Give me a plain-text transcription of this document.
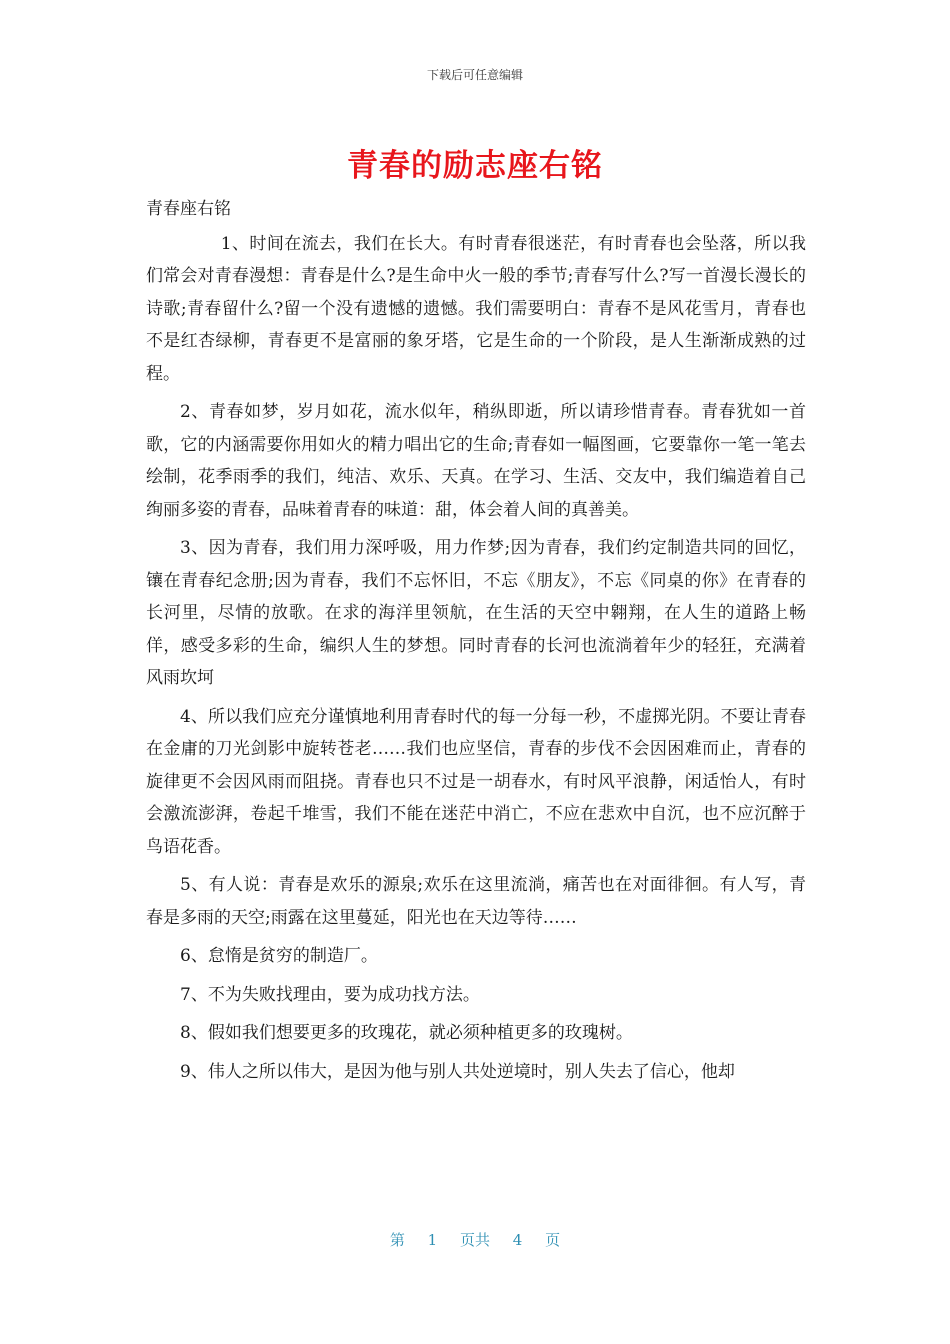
下载后可任意编辑
青春的励志座右铭

青春座右铭

1、时间在流去，我们在长大。有时青春很迷茫，有时青春也会坠落，所以我们常会对青春漫想：青春是什么?是生命中火一般的季节;青春写什么?写一首漫长漫长的诗歌;青春留什么?留一个没有遗憾的遗憾。我们需要明白：青春不是风花雪月，青春也不是红杏绿柳，青春更不是富丽的象牙塔，它是生命的一个阶段，是人生渐渐成熟的过程。

2、青春如梦，岁月如花，流水似年，稍纵即逝，所以请珍惜青春。青春犹如一首歌，它的内涵需要你用如火的精力唱出它的生命;青春如一幅图画，它要靠你一笔一笔去绘制，花季雨季的我们，纯洁、欢乐、天真。在学习、生活、交友中，我们编造着自己绚丽多姿的青春，品味着青春的味道：甜，体会着人间的真善美。

3、因为青春，我们用力深呼吸，用力作梦;因为青春，我们约定制造共同的回忆，镶在青春纪念册;因为青春，我们不忘怀旧，不忘《朋友》，不忘《同桌的你》在青春的长河里，尽情的放歌。在求的海洋里领航，在生活的天空中翱翔，在人生的道路上畅佯，感受多彩的生命，编织人生的梦想。同时青春的长河也流淌着年少的轻狂，充满着风雨坎坷

4、所以我们应充分谨慎地利用青春时代的每一分每一秒，不虚掷光阴。不要让青春在金庸的刀光剑影中旋转苍老……我们也应坚信，青春的步伐不会因困难而止，青春的旋律更不会因风雨而阻挠。青春也只不过是一胡春水，有时风平浪静，闲适怡人，有时会激流澎湃，卷起千堆雪，我们不能在迷茫中消亡，不应在悲欢中自沉，也不应沉醉于鸟语花香。

5、有人说：青春是欢乐的源泉;欢乐在这里流淌，痛苦也在对面徘徊。有人写，青春是多雨的天空;雨露在这里蔓延，阳光也在天边等待……

6、怠惰是贫穷的制造厂。

7、不为失败找理由，要为成功找方法。

8、假如我们想要更多的玫瑰花，就必须种植更多的玫瑰树。

9、伟人之所以伟大，是因为他与别人共处逆境时，别人失去了信心，他却

第 1 页共 4 页
